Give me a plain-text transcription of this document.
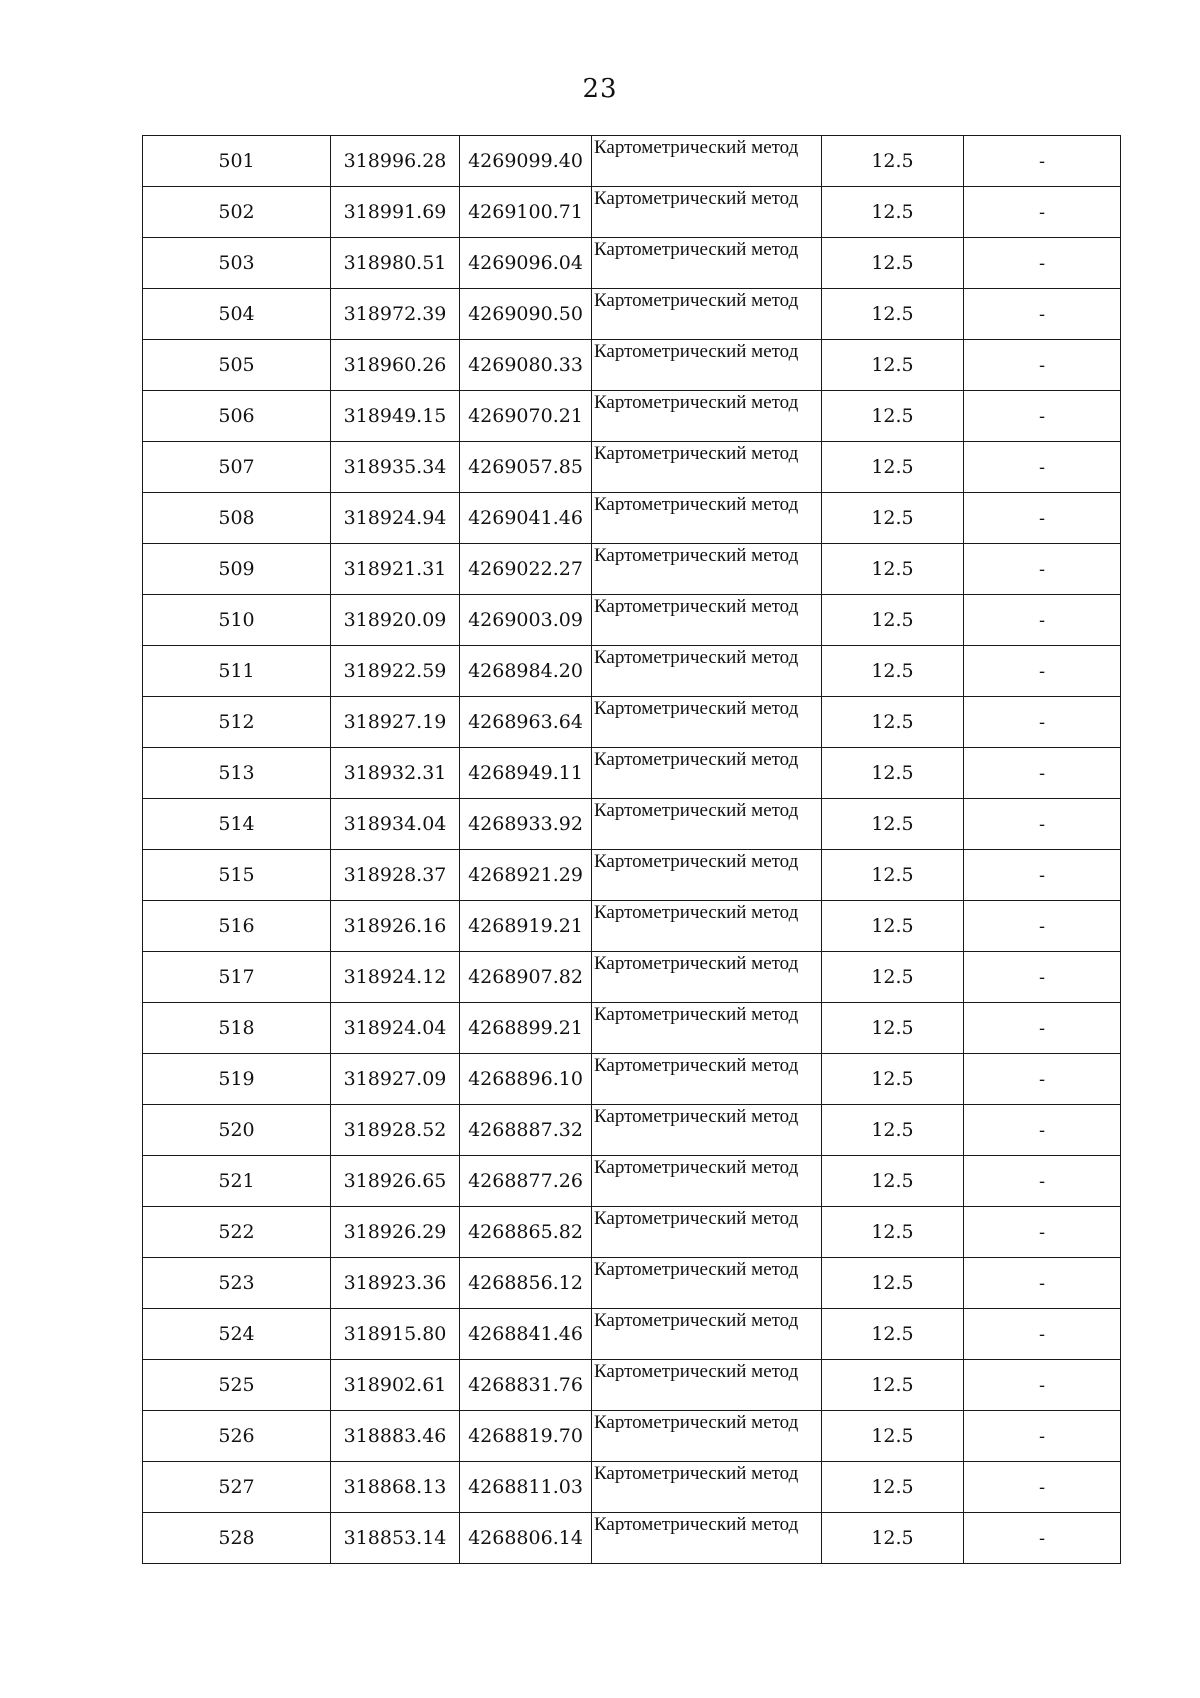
23
501	318996.28	4269099.40	Картометрический метод	12.5	-
502	318991.69	4269100.71	Картометрический метод	12.5	-
503	318980.51	4269096.04	Картометрический метод	12.5	-
504	318972.39	4269090.50	Картометрический метод	12.5	-
505	318960.26	4269080.33	Картометрический метод	12.5	-
506	318949.15	4269070.21	Картометрический метод	12.5	-
507	318935.34	4269057.85	Картометрический метод	12.5	-
508	318924.94	4269041.46	Картометрический метод	12.5	-
509	318921.31	4269022.27	Картометрический метод	12.5	-
510	318920.09	4269003.09	Картометрический метод	12.5	-
511	318922.59	4268984.20	Картометрический метод	12.5	-
512	318927.19	4268963.64	Картометрический метод	12.5	-
513	318932.31	4268949.11	Картометрический метод	12.5	-
514	318934.04	4268933.92	Картометрический метод	12.5	-
515	318928.37	4268921.29	Картометрический метод	12.5	-
516	318926.16	4268919.21	Картометрический метод	12.5	-
517	318924.12	4268907.82	Картометрический метод	12.5	-
518	318924.04	4268899.21	Картометрический метод	12.5	-
519	318927.09	4268896.10	Картометрический метод	12.5	-
520	318928.52	4268887.32	Картометрический метод	12.5	-
521	318926.65	4268877.26	Картометрический метод	12.5	-
522	318926.29	4268865.82	Картометрический метод	12.5	-
523	318923.36	4268856.12	Картометрический метод	12.5	-
524	318915.80	4268841.46	Картометрический метод	12.5	-
525	318902.61	4268831.76	Картометрический метод	12.5	-
526	318883.46	4268819.70	Картометрический метод	12.5	-
527	318868.13	4268811.03	Картометрический метод	12.5	-
528	318853.14	4268806.14	Картометрический метод	12.5	-
